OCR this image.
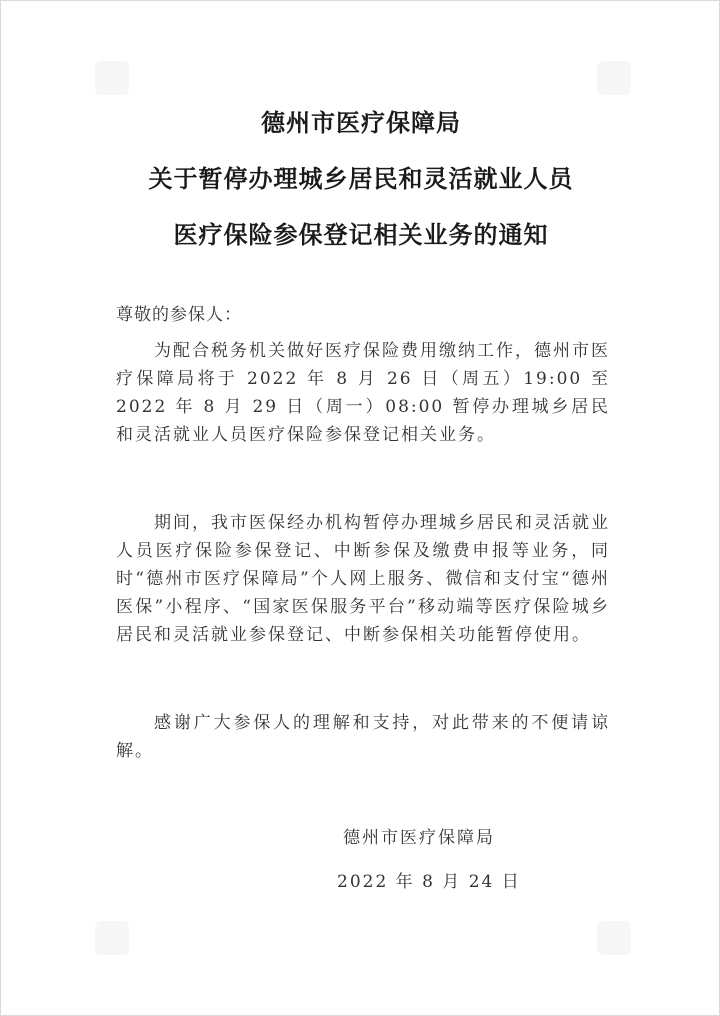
德州市医疗保障局
关于暂停办理城乡居民和灵活就业人员
医疗保险参保登记相关业务的通知
尊敬的参保人：
为配合税务机关做好医疗保险费用缴纳工作，德州市医疗保障局将于 2022 年 8 月 26 日（周五）19:00 至 2022 年 8 月 29 日（周一）08:00 暂停办理城乡居民和灵活就业人员医疗保险参保登记相关业务。
期间，我市医保经办机构暂停办理城乡居民和灵活就业人员医疗保险参保登记、中断参保及缴费申报等业务，同时“德州市医疗保障局”个人网上服务、微信和支付宝“德州医保”小程序、“国家医保服务平台”移动端等医疗保险城乡居民和灵活就业参保登记、中断参保相关功能暂停使用。
感谢广大参保人的理解和支持，对此带来的不便请谅解。
德州市医疗保障局
2022 年 8 月 24 日
